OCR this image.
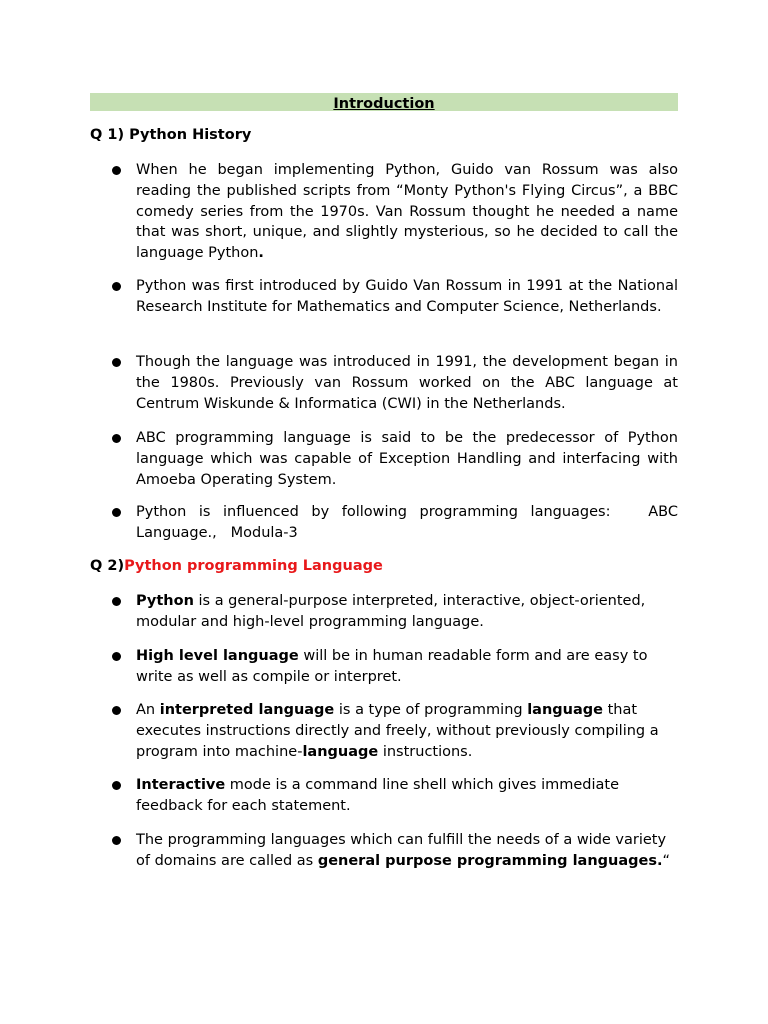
Introduction
Q 1) Python History
When he began implementing Python, Guido van Rossum was also reading the published scripts from “Monty Python's Flying Circus”, a BBC comedy series from the 1970s. Van Rossum thought he needed a name that was short, unique, and slightly mysterious, so he decided to call the language Python.
Python was first introduced by Guido Van Rossum in 1991 at the National Research Institute for Mathematics and Computer Science, Netherlands.
Though the language was introduced in 1991, the development began in the 1980s. Previously van Rossum worked on the ABC language at Centrum Wiskunde & Informatica (CWI) in the Netherlands.
ABC programming language is said to be the predecessor of Python language which was capable of Exception Handling and interfacing with Amoeba Operating System.
Python is influenced by following programming languages:   ABC Language.,   Modula-3
Q 2)Python programming Language
Python is a general-purpose interpreted, interactive, object-oriented, modular and high-level programming language.
High level language will be in human readable form and are easy to write as well as compile or interpret.
An interpreted language is a type of programming language that executes instructions directly and freely, without previously compiling a program into machine-language instructions.
Interactive mode is a command line shell which gives immediate feedback for each statement.
The programming languages which can fulfill the needs of a wide variety of domains are called as general purpose programming languages.“
